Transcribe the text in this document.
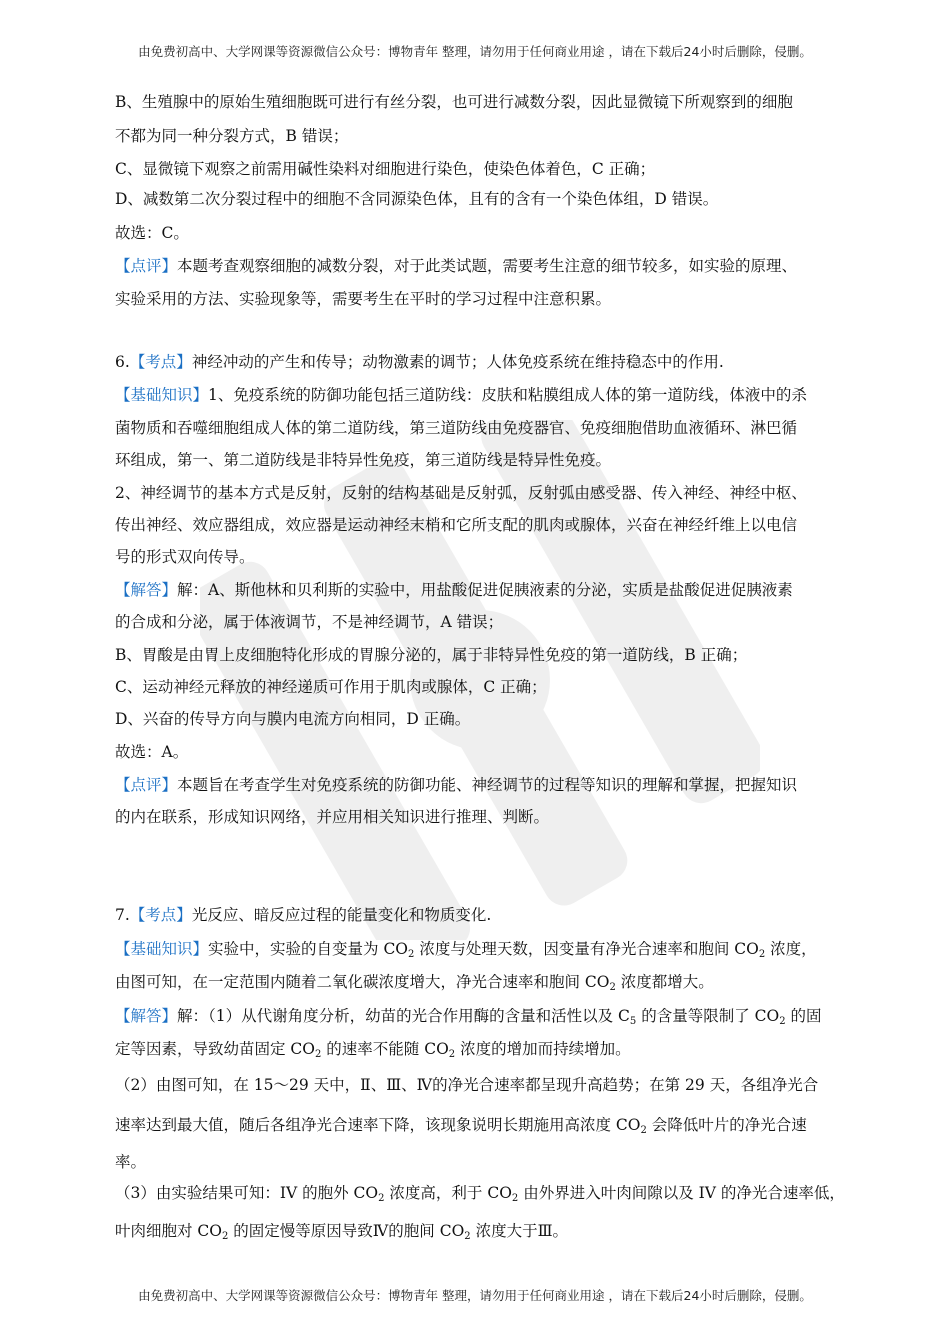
由免费初高中、大学网课等资源微信公众号：博物青年 整理，请勿用于任何商业用途 ，请在下载后24小时后删除，侵删。
B、生殖腺中的原始生殖细胞既可进行有丝分裂，也可进行减数分裂，因此显微镜下所观察到的细胞
不都为同一种分裂方式，B 错误；
C、显微镜下观察之前需用碱性染料对细胞进行染色，使染色体着色，C 正确；
D、减数第二次分裂过程中的细胞不含同源染色体，且有的含有一个染色体组，D 错误。
故选：C。
【点评】本题考查观察细胞的减数分裂，对于此类试题，需要考生注意的细节较多，如实验的原理、
实验采用的方法、实验现象等，需要考生在平时的学习过程中注意积累。
6.【考点】神经冲动的产生和传导；动物激素的调节；人体免疫系统在维持稳态中的作用.
【基础知识】1、免疫系统的防御功能包括三道防线：皮肤和粘膜组成人体的第一道防线，体液中的杀
菌物质和吞噬细胞组成人体的第二道防线，第三道防线由免疫器官、免疫细胞借助血液循环、淋巴循
环组成，第一、第二道防线是非特异性免疫，第三道防线是特异性免疫。
2、神经调节的基本方式是反射，反射的结构基础是反射弧，反射弧由感受器、传入神经、神经中枢、
传出神经、效应器组成，效应器是运动神经末梢和它所支配的肌肉或腺体，兴奋在神经纤维上以电信
号的形式双向传导。
【解答】解：A、斯他林和贝利斯的实验中，用盐酸促进促胰液素的分泌，实质是盐酸促进促胰液素
的合成和分泌，属于体液调节，不是神经调节，A 错误；
B、胃酸是由胃上皮细胞特化形成的胃腺分泌的，属于非特异性免疫的第一道防线，B 正确；
C、运动神经元释放的神经递质可作用于肌肉或腺体，C 正确；
D、兴奋的传导方向与膜内电流方向相同，D 正确。
故选：A。
【点评】本题旨在考查学生对免疫系统的防御功能、神经调节的过程等知识的理解和掌握，把握知识
的内在联系，形成知识网络，并应用相关知识进行推理、判断。
7.【考点】光反应、暗反应过程的能量变化和物质变化.
【基础知识】实验中，实验的自变量为 $CO_2$ 浓度与处理天数，因变量有净光合速率和胞间 $CO_2$ 浓度，
由图可知，在一定范围内随着二氧化碳浓度增大，净光合速率和胞间 $CO_2$ 浓度都增大。
【解答】解：（1）从代谢角度分析，幼苗的光合作用酶的含量和活性以及 $C_5$ 的含量等限制了 $CO_2$ 的固
定等因素，导致幼苗固定 $CO_2$ 的速率不能随 $CO_2$ 浓度的增加而持续增加。
（2）由图可知，在 15～29 天中，Ⅱ、Ⅲ、Ⅳ的净光合速率都呈现升高趋势；在第 29 天，各组净光合
速率达到最大值，随后各组净光合速率下降，该现象说明长期施用高浓度 $CO_2$ 会降低叶片的净光合速
率。
（3）由实验结果可知：IV 的胞外 $CO_2$ 浓度高，利于 $CO_2$ 由外界进入叶肉间隙以及 IV 的净光合速率低，
叶肉细胞对 $CO_2$ 的固定慢等原因导致Ⅳ的胞间 $CO_2$ 浓度大于Ⅲ。
由免费初高中、大学网课等资源微信公众号：博物青年 整理，请勿用于任何商业用途 ，请在下载后24小时后删除，侵删。
